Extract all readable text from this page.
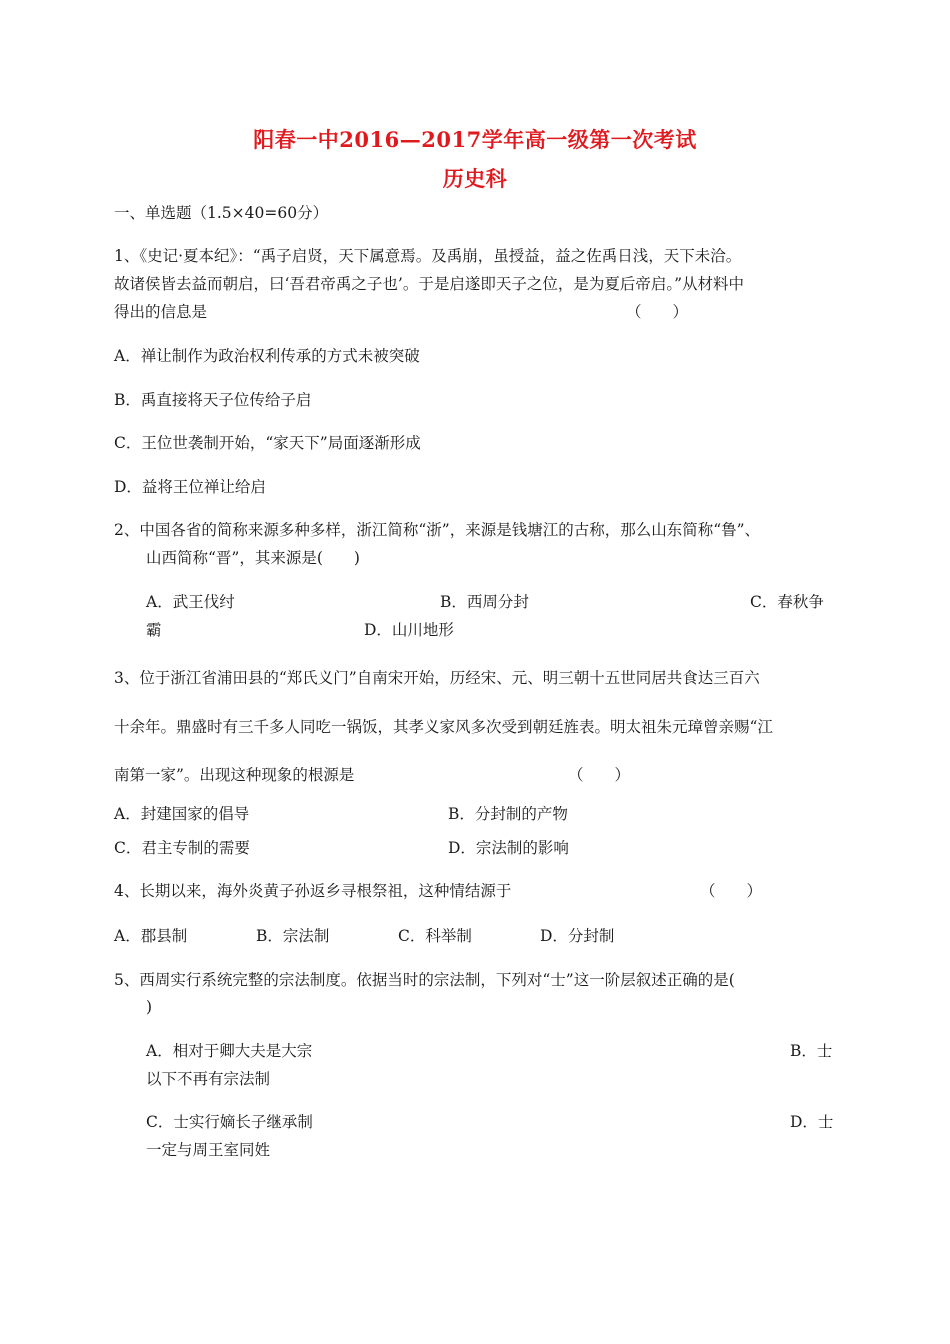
阳春一中2016—2017学年高一级第一次考试
历史科
一、单选题（1.5×40=60分）
1、《史记·夏本纪》：“禹子启贤，天下属意焉。及禹崩，虽授益，益之佐禹日浅，天下未洽。
故诸侯皆去益而朝启，曰‘吾君帝禹之子也’。于是启遂即天子之位，是为夏后帝启。”从材料中
得出的信息是	（　　）
A．禅让制作为政治权利传承的方式未被突破
B．禹直接将天子位传给子启
C．王位世袭制开始，“家天下”局面逐渐形成
D．益将王位禅让给启
2、中国各省的简称来源多种多样，浙江简称“浙”，来源是钱塘江的古称，那么山东简称“鲁”、
山西简称“晋”，其来源是(　　)
A．武王伐纣	B．西周分封	C．春秋争
霸	D．山川地形
3、位于浙江省浦田县的“郑氏义门”自南宋开始，历经宋、元、明三朝十五世同居共食达三百六
十余年。鼎盛时有三千多人同吃一锅饭，其孝义家风多次受到朝廷旌表。明太祖朱元璋曾亲赐“江
南第一家”。出现这种现象的根源是	（　　）
A．封建国家的倡导	B．分封制的产物
C．君主专制的需要	D．宗法制的影响
4、长期以来，海外炎黄子孙返乡寻根祭祖，这种情结源于	（　　）
A．郡县制	B．宗法制	C．科举制	D．分封制
5、西周实行系统完整的宗法制度。依据当时的宗法制，下列对“士”这一阶层叙述正确的是(
)
A．相对于卿大夫是大宗	B．士
以下不再有宗法制
C．士实行嫡长子继承制	D．士
一定与周王室同姓
